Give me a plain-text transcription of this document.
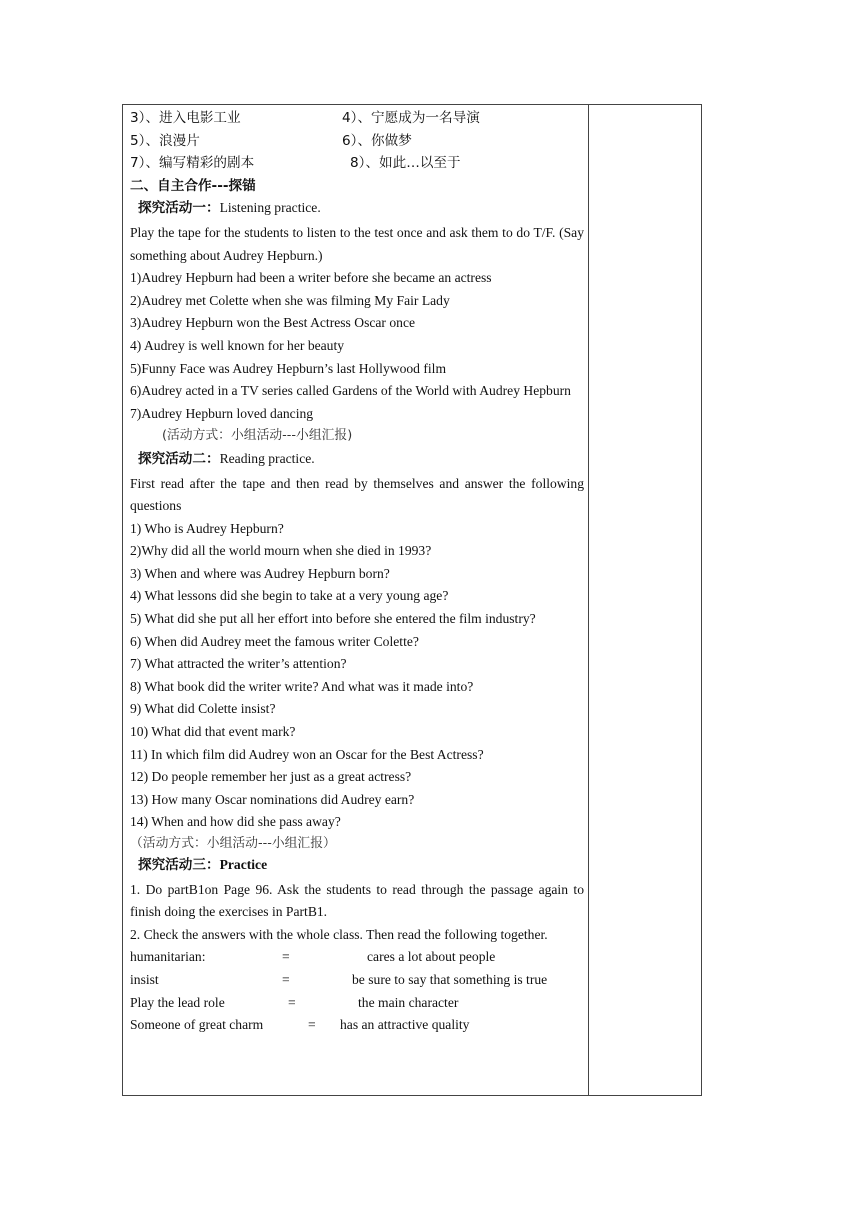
3）、进入电影工业	4）、宁愿成为一名导演
5）、浪漫片	6）、你做梦
7）、编写精彩的剧本	8）、如此…以至于
二、自主合作---探锚
探究活动一：Listening practice.
Play the tape for the students to listen to the test once and ask them to do T/F. (Say something about Audrey Hepburn.)
1)Audrey Hepburn had been a writer before she became an actress
2)Audrey met Colette when she was filming My Fair Lady
3)Audrey Hepburn won the Best Actress Oscar once
4) Audrey is well known for her beauty
5)Funny Face was Audrey Hepburn’s last Hollywood film
6)Audrey acted in a TV series called Gardens of the World with Audrey Hepburn
7)Audrey Hepburn loved dancing
(活动方式：小组活动---小组汇报)
探究活动二：Reading practice.
First read after the tape and then read by themselves and answer the following questions
1) Who is Audrey Hepburn?
2)Why did all the world mourn when she died in 1993?
3) When and where was Audrey Hepburn born?
4) What lessons did she begin to take at a very young age?
5) What did she put all her effort into before she entered the film industry?
6) When did Audrey meet the famous writer Colette?
7) What attracted the writer’s attention?
8) What book did the writer write? And what was it made into?
9) What did Colette insist?
10) What did that event mark?
11) In which film did Audrey won an Oscar for the Best Actress?
12) Do people remember her just as a great actress?
13) How many Oscar nominations did Audrey earn?
14) When and how did she pass away?
（活动方式：小组活动---小组汇报）
探究活动三：Practice
1. Do partB1on Page 96. Ask the students to read through the passage again to finish doing the exercises in PartB1.
2. Check the answers with the whole class. Then read the following together.
humanitarian:	=	cares a lot about people
insist	=	be sure to say that something is true
Play the lead role	=	the main character
Someone of great charm	=	has an attractive quality
